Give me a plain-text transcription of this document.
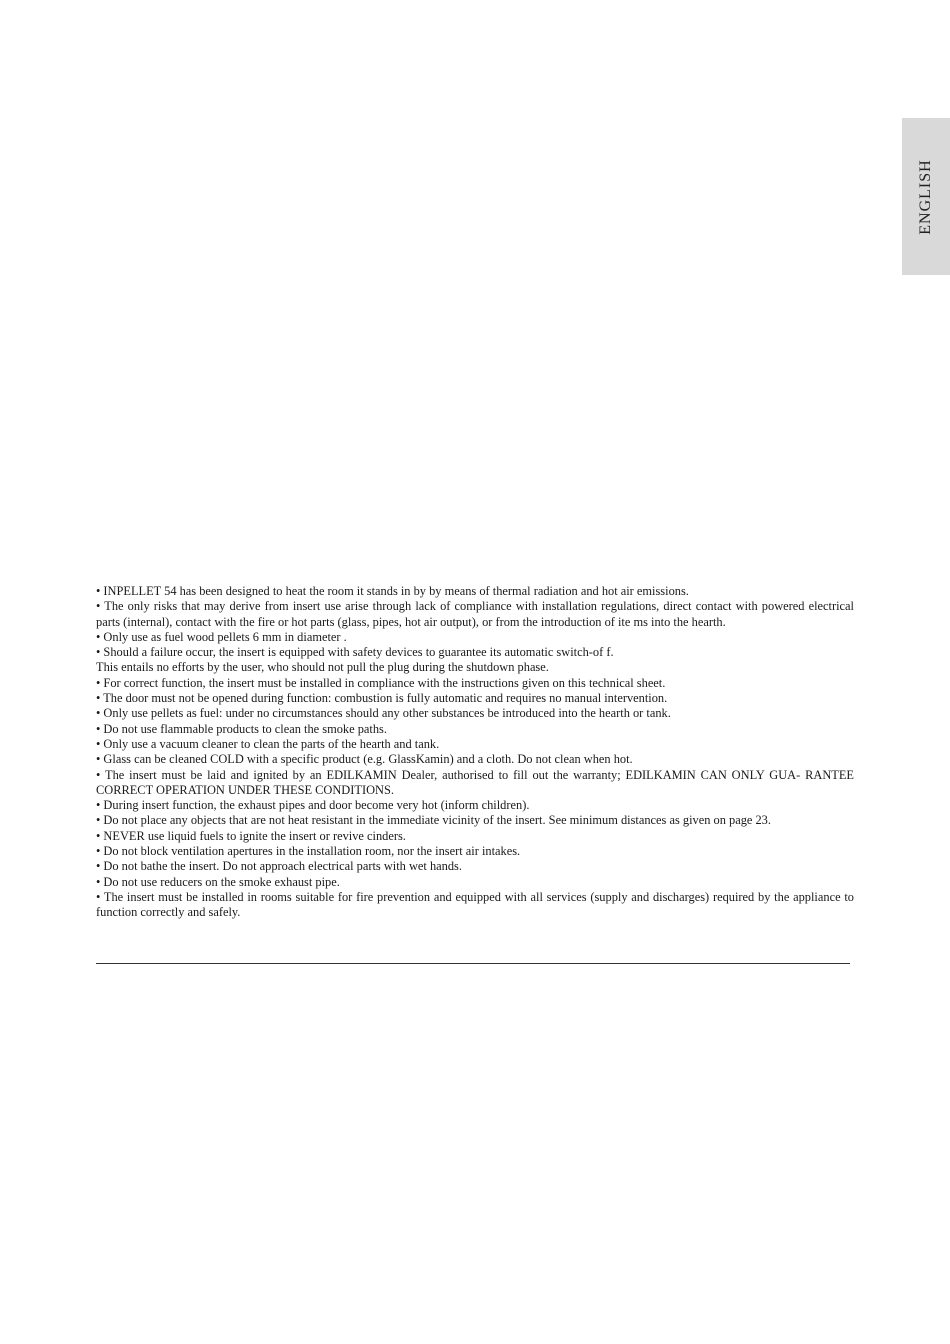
ENGLISH
• INPELLET 54 has been designed to heat the room it stands in by by means of thermal radiation and hot air emissions.
• The only risks that may derive from insert use arise through lack of compliance with installation regulations, direct contact with powered electrical parts (internal), contact with the fire or hot parts (glass, pipes, hot air output), or from the introduction of ite ms into the hearth.
• Only use as fuel wood pellets 6 mm in diameter .
• Should a failure occur, the insert is equipped with safety devices to guarantee its automatic switch-of f.
This entails no efforts by the user, who should not pull the plug during the shutdown phase.
• For correct function, the insert must be installed in compliance with the instructions given on this technical sheet.
• The door must not be opened during function: combustion is fully automatic and requires no manual intervention.
• Only use pellets as fuel: under no circumstances should any other substances be introduced into the hearth or tank.
• Do not use flammable products to clean the smoke paths.
• Only use a vacuum cleaner to clean the parts of the hearth and tank.
• Glass can be cleaned COLD with a specific product (e.g. GlassKamin) and a cloth. Do not clean when hot.
• The insert must be laid and ignited by an EDILKAMIN Dealer, authorised to fill out the warranty; EDILKAMIN CAN ONLY GUA- RANTEE CORRECT OPERATION UNDER THESE CONDITIONS.
• During insert function, the exhaust pipes and door become very hot (inform children).
• Do not place any objects that are not heat resistant in the immediate vicinity of the insert. See minimum distances as given on page 23.
• NEVER use liquid fuels to ignite the insert or revive cinders.
• Do not block ventilation apertures in the installation room, nor the insert air intakes.
• Do not bathe the insert. Do not approach electrical parts with wet hands.
• Do not use reducers on the smoke exhaust pipe.
• The insert must be installed in rooms suitable for fire prevention and equipped with all services (supply and discharges) required by the appliance to function correctly and safely.
